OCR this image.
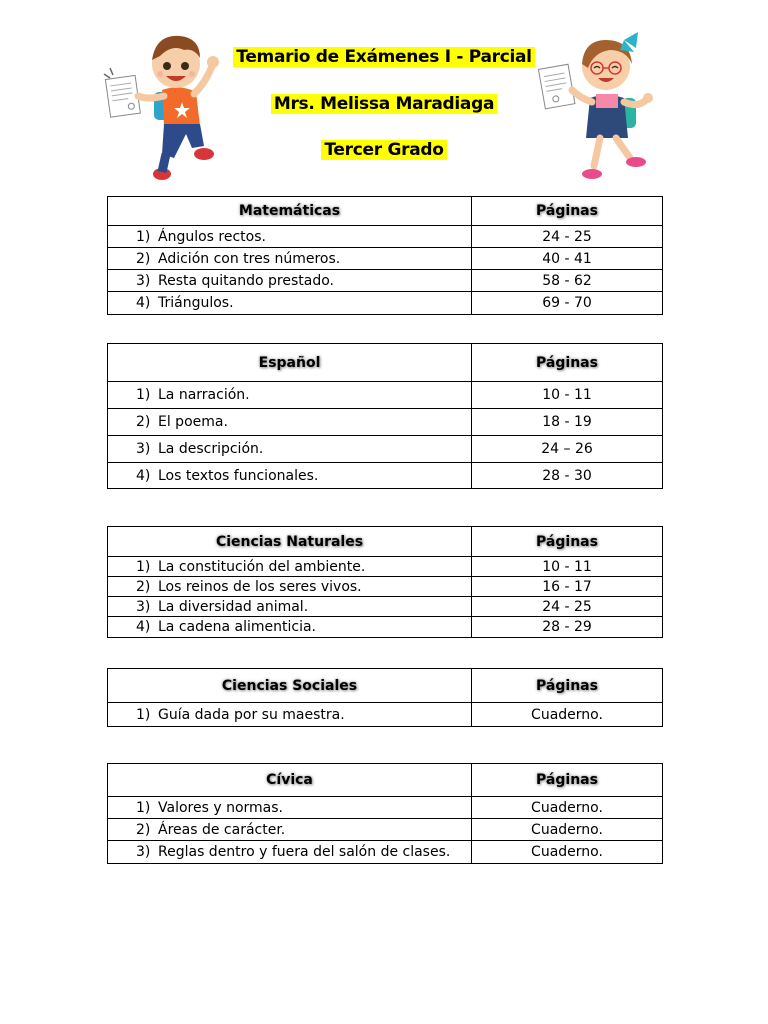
Temario de Exámenes I - Parcial
Mrs. Melissa Maradiaga
Tercer Grado
Matemáticas	Páginas
1) Ángulos rectos.	24 - 25
2) Adición con tres números.	40 - 41
3) Resta quitando prestado.	58 - 62
4) Triángulos.	69 - 70
Español	Páginas
1) La narración.	10 - 11
2) El poema.	18 - 19
3) La descripción.	24 – 26
4) Los textos funcionales.	28 - 30
Ciencias Naturales	Páginas
1) La constitución del ambiente.	10 - 11
2) Los reinos de los seres vivos.	16 - 17
3) La diversidad animal.	24 - 25
4) La cadena alimenticia.	28 - 29
Ciencias Sociales	Páginas
1) Guía dada por su maestra.	Cuaderno.
Cívica	Páginas
1) Valores y normas.	Cuaderno.
2) Áreas de carácter.	Cuaderno.
3) Reglas dentro y fuera del salón de clases.	Cuaderno.
